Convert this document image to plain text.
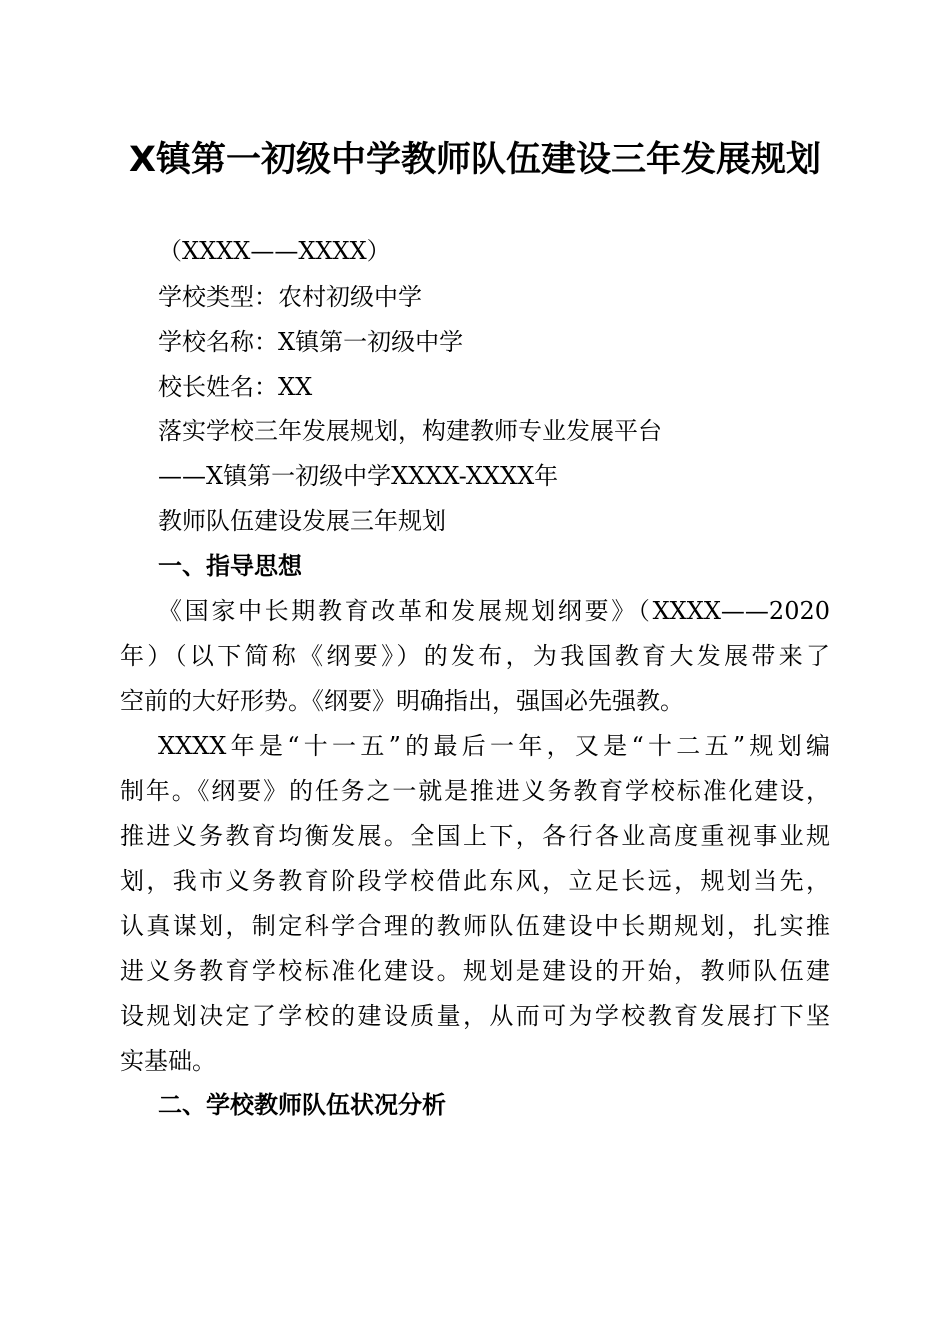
X镇第一初级中学教师队伍建设三年发展规划
（XXXX——XXXX）
学校类型：农村初级中学
学校名称：X镇第一初级中学
校长姓名：XX
落实学校三年发展规划，构建教师专业发展平台
——X镇第一初级中学XXXX-XXXX年
教师队伍建设发展三年规划
一、指导思想
《国家中长期教育改革和发展规划纲要》（XXXX——2020
年）（以下简称《纲要》）的发布，为我国教育大发展带来了
空前的大好形势。《纲要》明确指出，强国必先强教。
XXXX年是“十一五”的最后一年，又是“十二五”规划编
制年。《纲要》的任务之一就是推进义务教育学校标准化建设，
推进义务教育均衡发展。全国上下，各行各业高度重视事业规
划，我市义务教育阶段学校借此东风，立足长远，规划当先，
认真谋划，制定科学合理的教师队伍建设中长期规划，扎实推
进义务教育学校标准化建设。规划是建设的开始，教师队伍建
设规划决定了学校的建设质量，从而可为学校教育发展打下坚
实基础。
二、学校教师队伍状况分析
